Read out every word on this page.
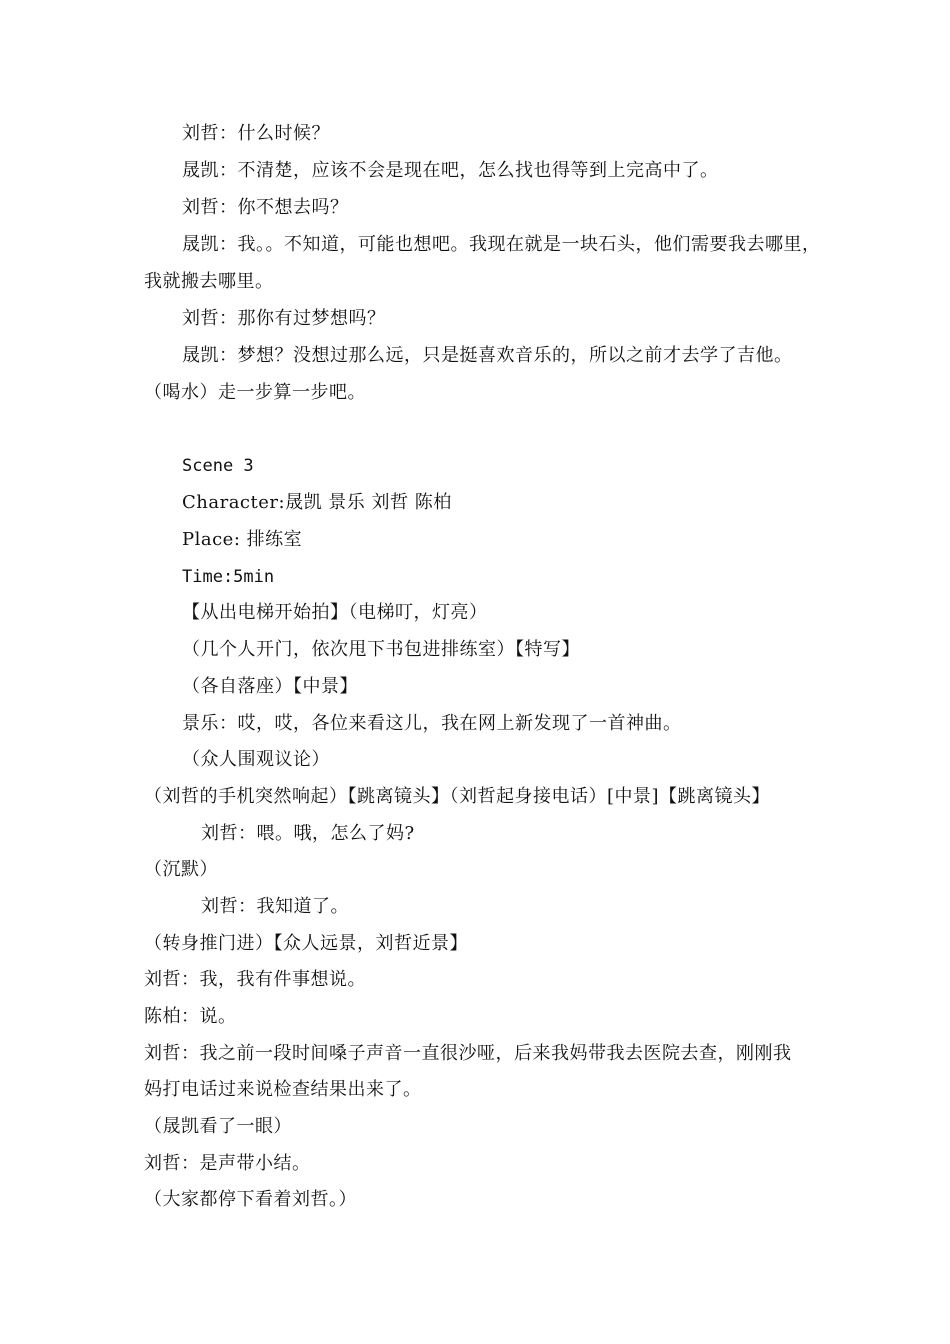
刘哲：什么时候？
晟凯：不清楚，应该不会是现在吧，怎么找也得等到上完高中了。
刘哲：你不想去吗？
晟凯：我。。不知道，可能也想吧。我现在就是一块石头，他们需要我去哪里，
我就搬去哪里。
刘哲：那你有过梦想吗？
晟凯：梦想？没想过那么远，只是挺喜欢音乐的，所以之前才去学了吉他。
（喝水）走一步算一步吧。
Scene 3
Character:晟凯 景乐 刘哲 陈柏
Place: 排练室
Time:5min
【从出电梯开始拍】（电梯叮，灯亮）
（几个人开门，依次甩下书包进排练室）【特写】
（各自落座）【中景】
景乐：哎，哎，各位来看这儿，我在网上新发现了一首神曲。
（众人围观议论）
（刘哲的手机突然响起）【跳离镜头】（刘哲起身接电话）[中景]【跳离镜头】
刘哲：喂。哦，怎么了妈?
（沉默）
刘哲：我知道了。
（转身推门进）【众人远景，刘哲近景】
刘哲：我，我有件事想说。
陈柏：说。
刘哲：我之前一段时间嗓子声音一直很沙哑，后来我妈带我去医院去查，刚刚我
妈打电话过来说检查结果出来了。
（晟凯看了一眼）
刘哲：是声带小结。
（大家都停下看着刘哲。）
